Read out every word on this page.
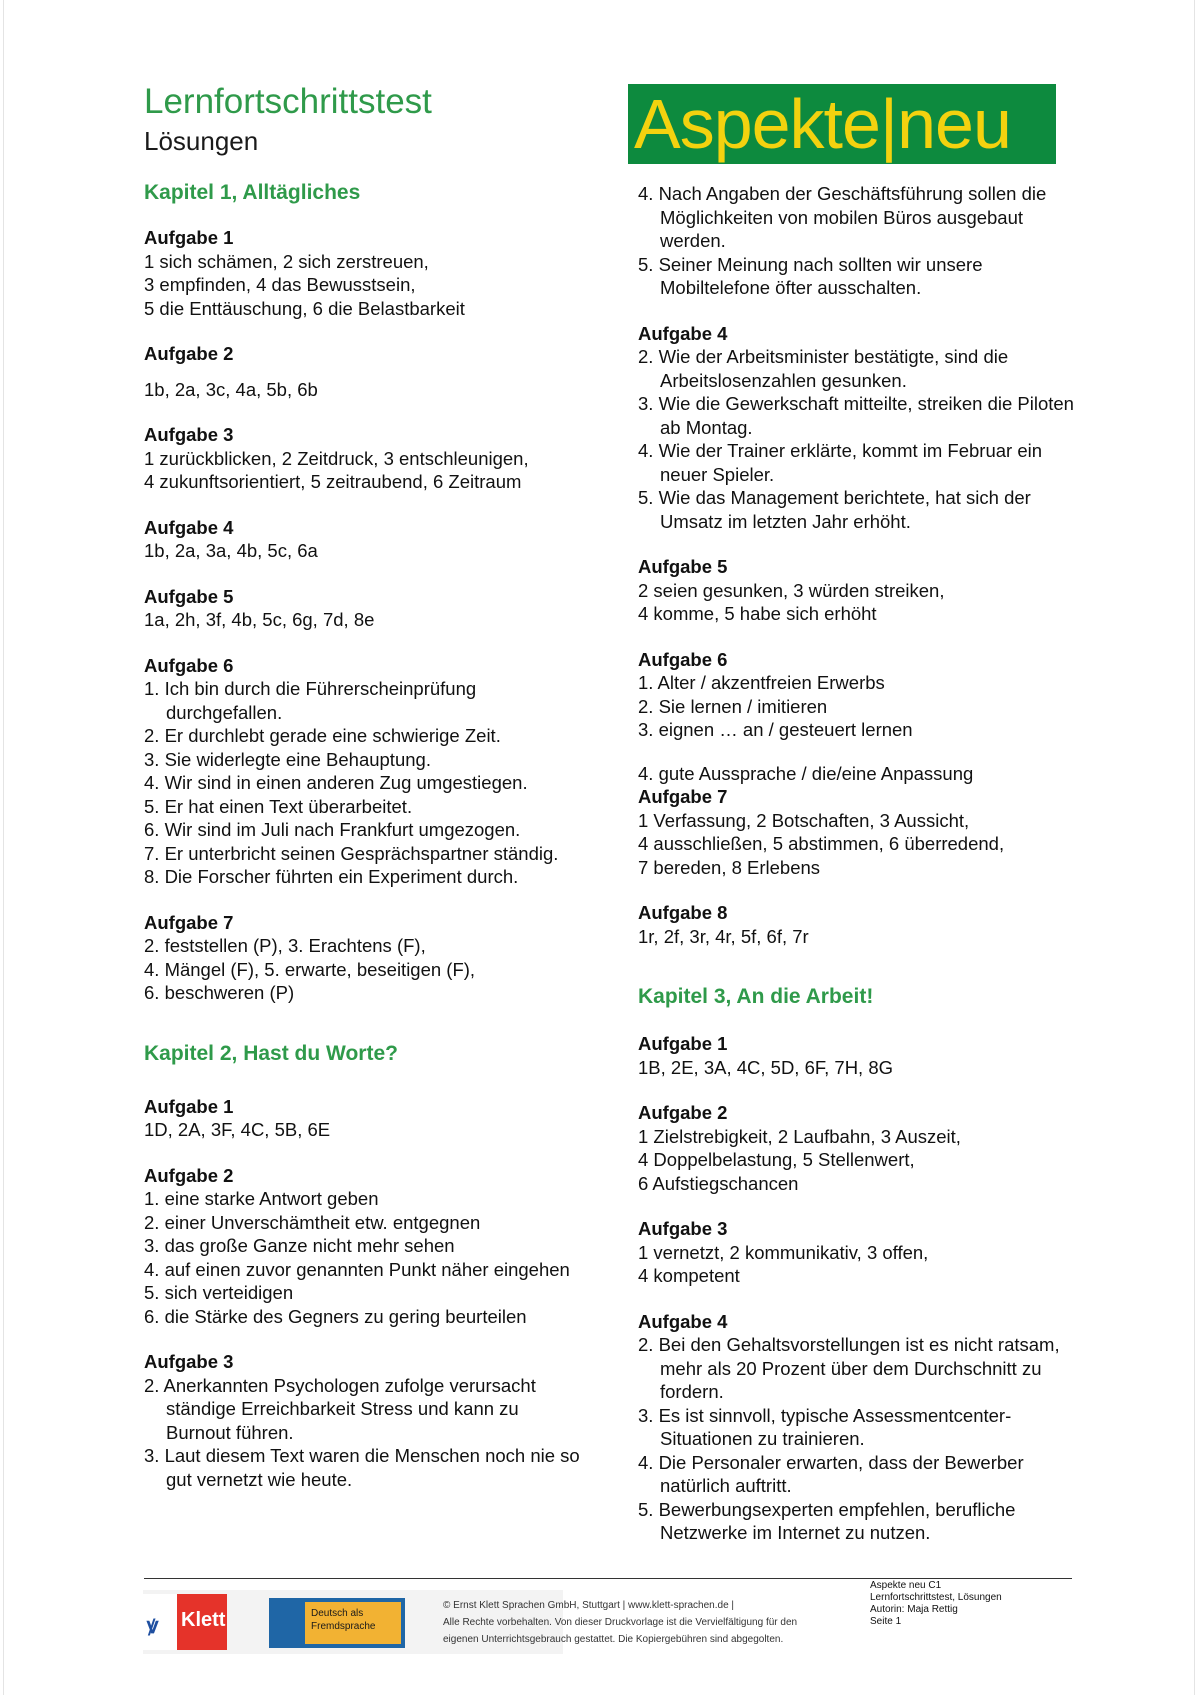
Lernfortschrittstest
Lösungen	Aspekte|neu
Kapitel 1, Alltägliches

Aufgabe 1

1 sich schämen, 2 sich zerstreuen,

3 empfinden, 4 das Bewusstsein,

5 die Enttäuschung, 6 die Belastbarkeit

Aufgabe 2

1b, 2a, 3c, 4a, 5b, 6b

Aufgabe 3

1 zurückblicken, 2 Zeitdruck, 3 entschleunigen,

4 zukunftsorientiert, 5 zeitraubend, 6 Zeitraum

Aufgabe 4

1b, 2a, 3a, 4b, 5c, 6a

Aufgabe 5

1a, 2h, 3f, 4b, 5c, 6g, 7d, 8e

Aufgabe 6

1. Ich bin durch die Führerscheinprüfung durchgefallen.
2. Er durchlebt gerade eine schwierige Zeit.
3. Sie widerlegte eine Behauptung.
4. Wir sind in einen anderen Zug umgestiegen.
5. Er hat einen Text überarbeitet.
6. Wir sind im Juli nach Frankfurt umgezogen.
7. Er unterbricht seinen Gesprächspartner ständig.
8. Die Forscher führten ein Experiment durch.

Aufgabe 7

2. feststellen (P), 3. Erachtens (F),

4. Mängel (F), 5. erwarte, beseitigen (F),

6. beschweren (P)

Kapitel 2, Hast du Worte?

Aufgabe 1

1D, 2A, 3F, 4C, 5B, 6E

Aufgabe 2

1. eine starke Antwort geben
2. einer Unverschämtheit etw. entgegnen
3. das große Ganze nicht mehr sehen
4. auf einen zuvor genannten Punkt näher eingehen
5. sich verteidigen
6. die Stärke des Gegners zu gering beurteilen

Aufgabe 3

2. Anerkannten Psychologen zufolge verursacht ständige Erreichbarkeit Stress und kann zu Burnout führen.
3. Laut diesem Text waren die Menschen noch nie so gut vernetzt wie heute.
4. Nach Angaben der Geschäftsführung sollen die Möglichkeiten von mobilen Büros ausgebaut werden.
5. Seiner Meinung nach sollten wir unsere Mobiltelefone öfter ausschalten.

Aufgabe 4

2. Wie der Arbeitsminister bestätigte, sind die Arbeitslosenzahlen gesunken.
3. Wie die Gewerkschaft mitteilte, streiken die Piloten ab Montag.
4. Wie der Trainer erklärte, kommt im Februar ein neuer Spieler.
5. Wie das Management berichtete, hat sich der Umsatz im letzten Jahr erhöht.

Aufgabe 5

2 seien gesunken, 3 würden streiken,

4 komme, 5 habe sich erhöht

Aufgabe 6

1. Alter / akzentfreien Erwerbs
2. Sie lernen / imitieren
3. eignen … an / gesteuert lernen
4. gute Aussprache / die/eine Anpassung

Aufgabe 7

1 Verfassung, 2 Botschaften, 3 Aussicht,

4 ausschließen, 5 abstimmen, 6 überredend,

7 bereden, 8 Erlebens

Aufgabe 8

1r, 2f, 3r, 4r, 5f, 6f, 7r

Kapitel 3, An die Arbeit!

Aufgabe 1

1B, 2E, 3A, 4C, 5D, 6F, 7H, 8G

Aufgabe 2

1 Zielstrebigkeit, 2 Laufbahn, 3 Auszeit,

4 Doppelbelastung, 5 Stellenwert,

6 Aufstiegschancen

Aufgabe 3

1 vernetzt, 2 kommunikativ, 3 offen,

4 kompetent

Aufgabe 4

2. Bei den Gehaltsvorstellungen ist es nicht ratsam, mehr als 20 Prozent über dem Durchschnitt zu fordern.
3. Es ist sinnvoll, typische Assessmentcenter-Situationen zu trainieren.
4. Die Personaler erwarten, dass der Bewerber natürlich auftritt.
5. Bewerbungsexperten empfehlen, berufliche Netzwerke im Internet zu nutzen.
ꝟ Klett	Deutsch als Fremdsprache
© Ernst Klett Sprachen GmbH, Stuttgart | www.klett-sprachen.de |
Alle Rechte vorbehalten. Von dieser Druckvorlage ist die Vervielfältigung für den
eigenen Unterrichtsgebrauch gestattet. Die Kopiergebühren sind abgegolten.
Aspekte neu C1
Lernfortschrittstest, Lösungen
Autorin: Maja Rettig
Seite 1
